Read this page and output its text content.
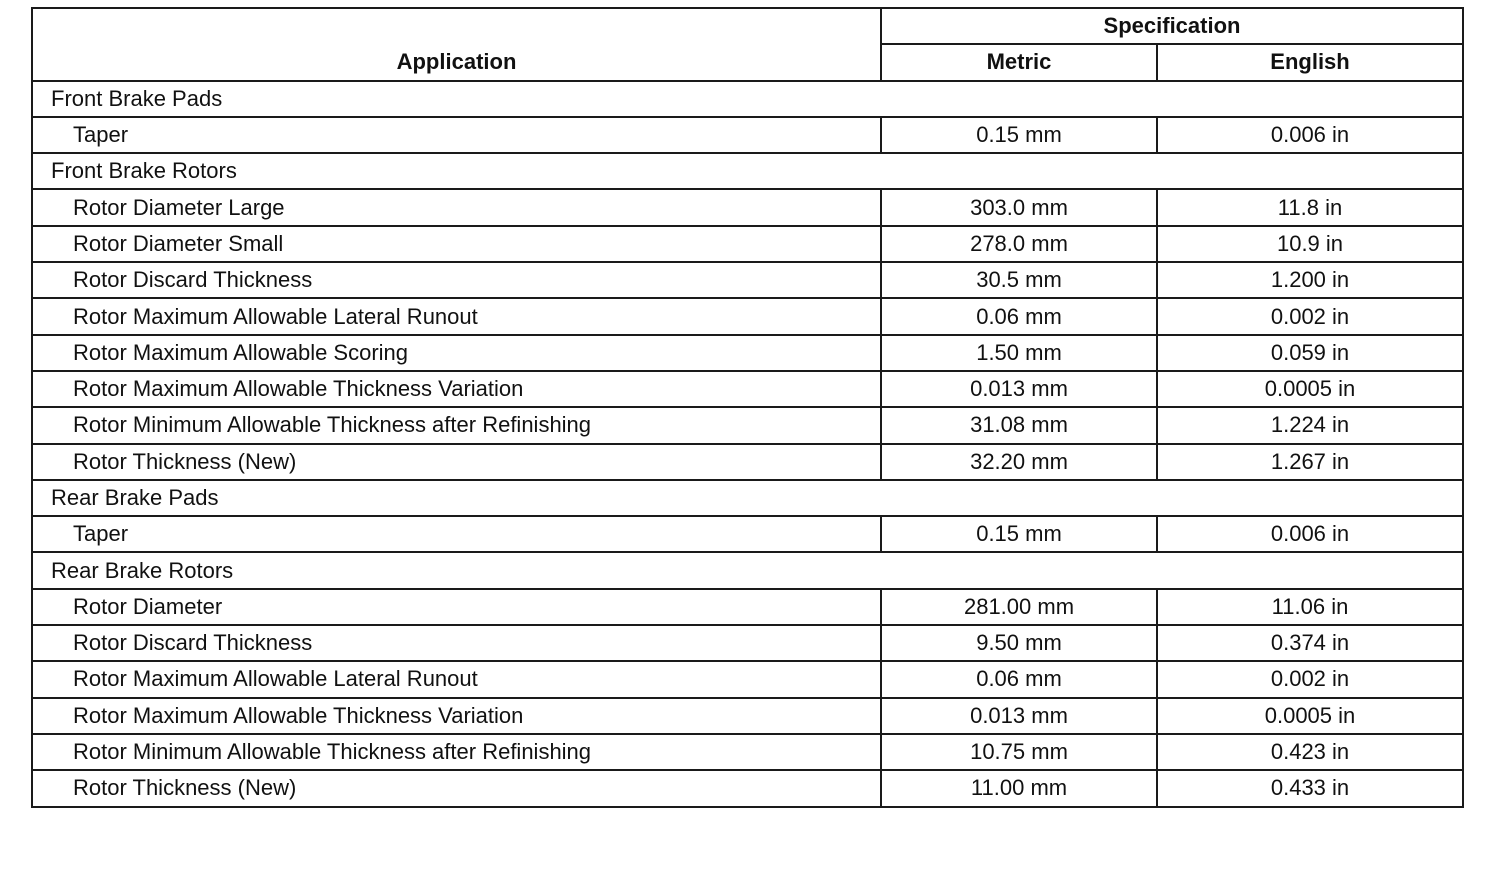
Application	Specification	
	Metric	English
Front Brake Pads		
Taper	0.15 mm	0.006 in
Front Brake Rotors		
Rotor Diameter Large	303.0 mm	11.8 in
Rotor Diameter Small	278.0 mm	10.9 in
Rotor Discard Thickness	30.5 mm	1.200 in
Rotor Maximum Allowable Lateral Runout	0.06 mm	0.002 in
Rotor Maximum Allowable Scoring	1.50 mm	0.059 in
Rotor Maximum Allowable Thickness Variation	0.013 mm	0.0005 in
Rotor Minimum Allowable Thickness after Refinishing	31.08 mm	1.224 in
Rotor Thickness (New)	32.20 mm	1.267 in
Rear Brake Pads		
Taper	0.15 mm	0.006 in
Rear Brake Rotors		
Rotor Diameter	281.00 mm	11.06 in
Rotor Discard Thickness	9.50 mm	0.374 in
Rotor Maximum Allowable Lateral Runout	0.06 mm	0.002 in
Rotor Maximum Allowable Thickness Variation	0.013 mm	0.0005 in
Rotor Minimum Allowable Thickness after Refinishing	10.75 mm	0.423 in
Rotor Thickness (New)	11.00 mm	0.433 in
